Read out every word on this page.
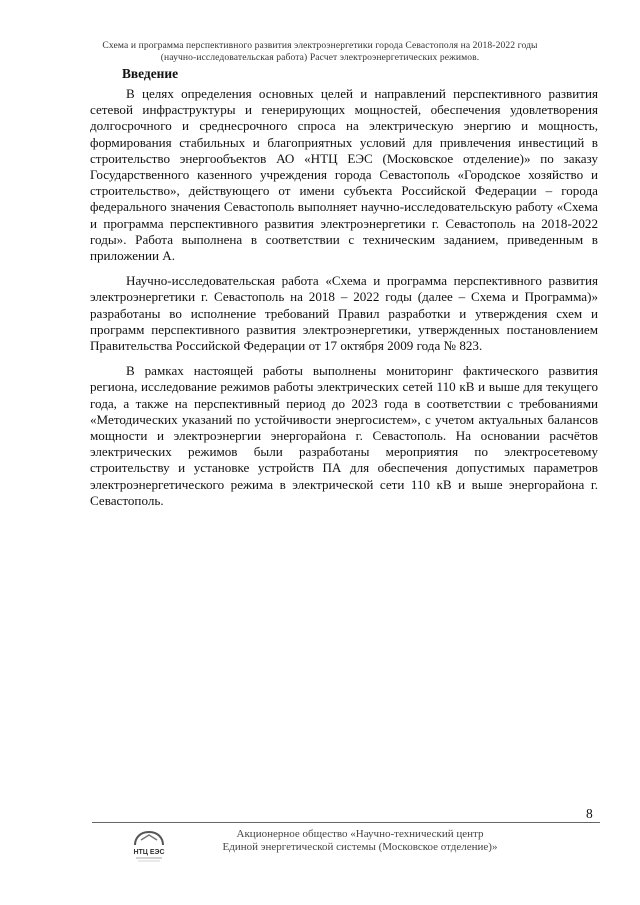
Схема и программа перспективного развития электроэнергетики города Севастополя на 2018-2022 годы
(научно-исследовательская работа) Расчет электроэнергетических режимов.
Введение

В целях определения основных целей и направлений перспективного развития сетевой инфраструктуры и генерирующих мощностей, обеспечения удовлетворения долгосрочного и среднесрочного спроса на электрическую энергию и мощность, формирования стабильных и благоприятных условий для привлечения инвестиций в строительство энергообъектов АО «НТЦ ЕЭС (Московское отделение)» по заказу Государственного казенного учреждения города Севастополь «Городское хозяйство и строительство», действующего от имени субъекта Российской Федерации – города федерального значения Севастополь выполняет научно-исследовательскую работу «Схема и программа перспективного развития электроэнергетики г. Севастополь на 2018-2022 годы». Работа выполнена в соответствии с техническим заданием, приведенным в приложении А.

Научно-исследовательская работа «Схема и программа перспективного развития электроэнергетики г. Севастополь на 2018 – 2022 годы (далее – Схема и Программа)» разработаны во исполнение требований Правил разработки и утверждения схем и программ перспективного развития электроэнергетики, утвержденных постановлением Правительства Российской Федерации от 17 октября 2009 года № 823.

В рамках настоящей работы выполнены мониторинг фактического развития региона, исследование режимов работы электрических сетей 110 кВ и выше для текущего года, а также на перспективный период до 2023 года в соответствии с требованиями «Методических указаний по устойчивости энергосистем», с учетом актуальных балансов мощности и электроэнергии энергорайона г. Севастополь. На основании расчётов электрических режимов были разработаны мероприятия по электросетевому строительству и установке устройств ПА для обеспечения допустимых параметров электроэнергетического режима в электрической сети 110 кВ и выше энергорайона г. Севастополь.

8
НТЦ ЕЭС
Акционерное общество «Научно-технический центр
Единой энергетической системы (Московское отделение)»
